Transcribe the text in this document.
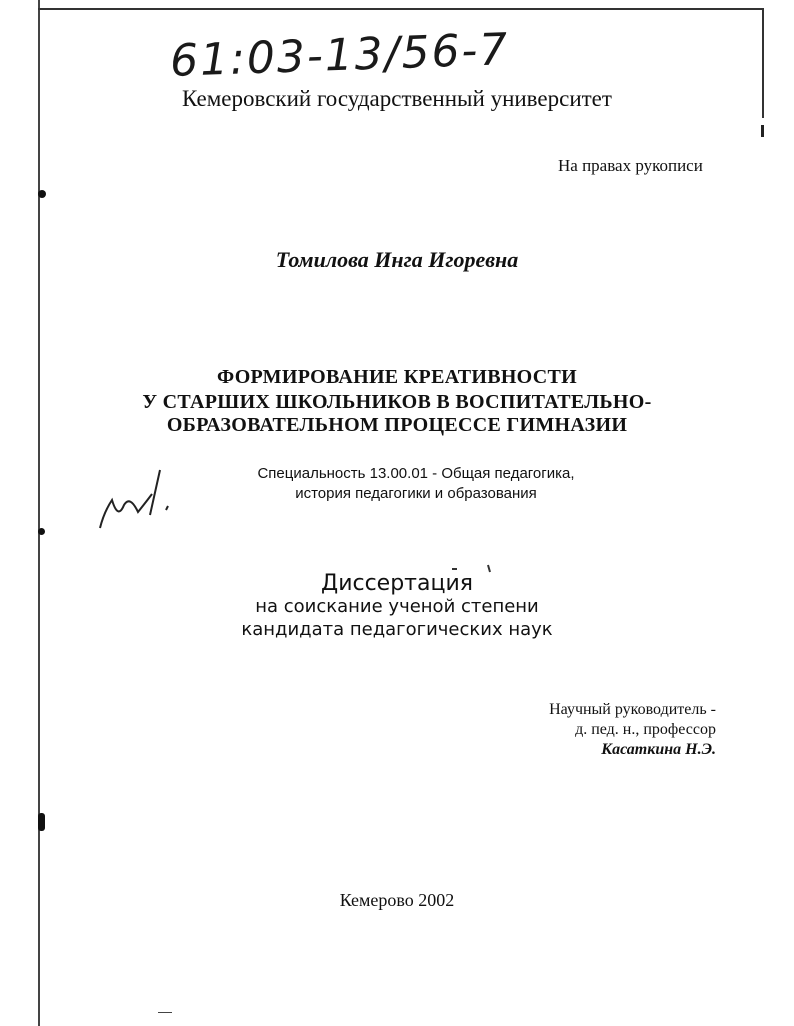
61:03-13/56-7
Кемеровский государственный университет
На правах рукописи
Томилова Инга Игоревна
ФОРМИРОВАНИЕ КРЕАТИВНОСТИ
У СТАРШИХ ШКОЛЬНИКОВ В ВОСПИТАТЕЛЬНО-
ОБРАЗОВАТЕЛЬНОМ ПРОЦЕССЕ ГИМНАЗИИ
Специальность 13.00.01 - Общая педагогика,
история педагогики и образования
Диссертация
на соискание ученой степени
кандидата педагогических наук
Научный руководитель -
д. пед. н., профессор
Касаткина Н.Э.
Кемерово 2002
